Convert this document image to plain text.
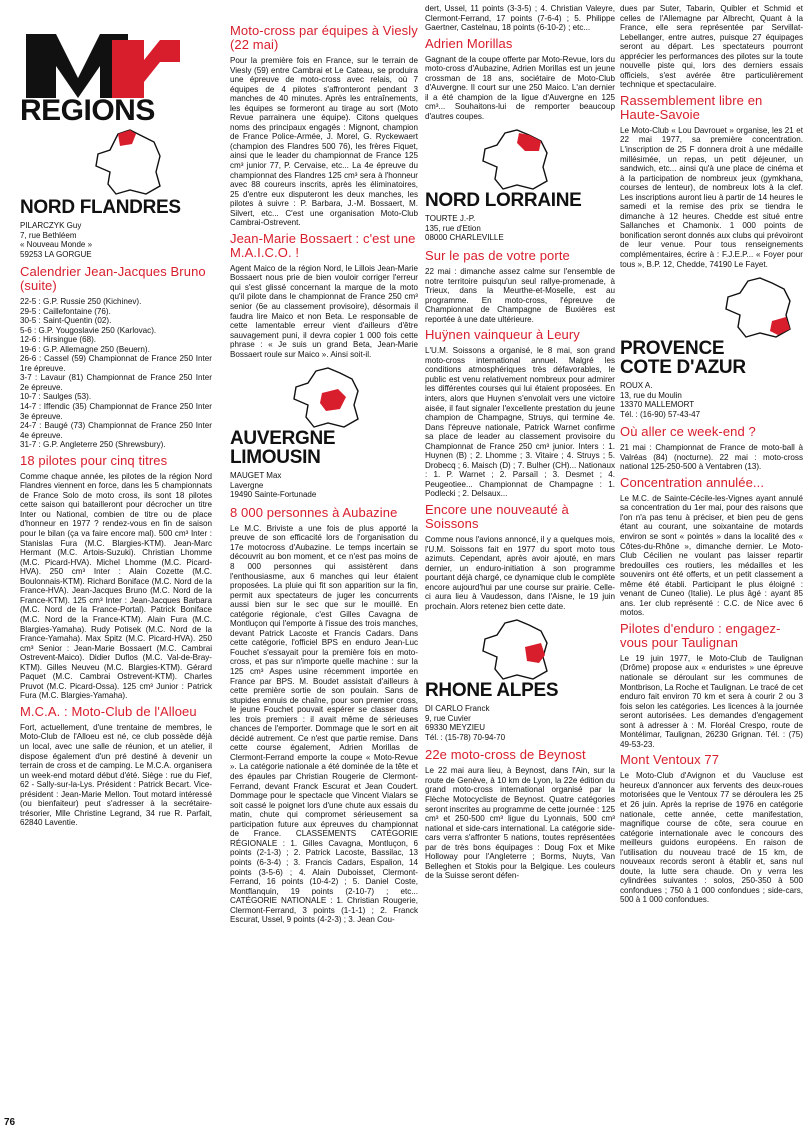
REGIONS
NORD FLANDRES
PILARCZYK Guy
7, rue Bethléem
« Nouveau Monde »
59253 LA GORGUE
Calendrier Jean-Jacques Bruno (suite)

22-5 : G.P. Russie 250 (Kichinev).

29-5 : Caillefontaine (76).

30-5 : Saint-Quentin (02).

5-6 : G.P. Yougoslavie 250 (Karlovac).

12-6 : Hirsingue (68).

19-6 : G.P. Allemagne 250 (Beuern).

26-6 : Cassel (59) Championnat de France 250 Inter 1re épreuve.

3-7 : Lavaur (81) Championnat de France 250 Inter 2e épreuve.

10-7 : Saulges (53).

14-7 : Iffendic (35) Championnat de France 250 Inter 3e épreuve.

24-7 : Baugé (73) Championnat de France 250 Inter 4e épreuve.

31-7 : G.P. Angleterre 250 (Shrewsbury).

18 pilotes pour cinq titres

Comme chaque année, les pilotes de la région Nord Flandres viennent en force, dans les 5 championnats de France Solo de moto cross, ils sont 18 pilotes cette saison qui batailleront pour décrocher un titre Inter ou National, combien de titre ou de place d'honneur en 1977 ? rendez-vous en fin de saison pour le bilan (ça va faire encore mal). 500 cm³ Inter : Stanislas Fura (M.C. Blargies-KTM). Jean-Marc Hermant (M.C. Artois-Suzuki). Christian Lhomme (M.C. Picard-HVA). Michel Lhomme (M.C. Picard-HVA). 250 cm³ Inter : Alain Cozette (M.C. Boulonnais-KTM). Richard Boniface (M.C. Nord de la France-HVA). Jean-Jacques Bruno (M.C. Nord de la France-KTM). 125 cm³ Inter : Jean-Jacques Barbara (M.C. Nord de la France-Portal). Patrick Boniface (M.C. Nord de la France-KTM). Alain Fura (M.C. Blargies-Yamaha). Rudy Potisek (M.C. Nord de la France-Yamaha). Max Spitz (M.C. Picard-HVA). 250 cm³ Senior : Jean-Marie Bossaert (M.C. Cambrai Ostrevent-Maico). Didier Duflos (M.C. Val-de-Bray-KTM). Gilles Neuveu (M.C. Blargies-KTM). Gérard Paquet (M.C. Cambrai Ostrevent-KTM). Charles Pruvot (M.C. Picard-Ossa). 125 cm³ Junior : Patrick Fura (M.C. Blargies-Yamaha).

M.C.A. : Moto-Club de l'Alloeu

Fort, actuellement, d'une trentaine de membres, le Moto-Club de l'Alloeu est né, ce club possède déjà un local, avec une salle de réunion, et un atelier, il dispose également d'un pré destiné à devenir un terrain de cross et de camping. Le M.C.A. organisera un week-end motard début d'été. Siège : rue du Fief, 62 - Sally-sur-la-Lys. Président : Patrick Becart. Vice-président : Jean-Marie Mellon. Tout motard intéressé (ou bienfaiteur) peut s'adresser à la secrétaire-trésorier, Mlle Christine Legrand, 34 rue R. Parfait, 62840 Laventie.

Moto-cross par équipes à Viesly (22 mai)

Pour la première fois en France, sur le terrain de Viesly (59) entre Cambrai et Le Cateau, se produira une épreuve de moto-cross avec relais, où 7 équipes de 4 pilotes s'affronteront pendant 3 manches de 40 minutes. Après les entraînements, les équipes se formeront au tirage au sort (Moto Revue parrainera une équipe). Citons quelques noms des principaux engagés : Mignont, champion de France Police-Armée, J. Morel, G. Ryckewaert (champion des Flandres 500 76), les frères Fiquet, ainsi que le leader du championnat de France 125 cm³ junior 77, P. Cervaise, etc... La 4e épreuve du championnat des Flandres 125 cm³ sera à l'honneur avec 88 coureurs inscrits, après les éliminatoires, 25 d'entre eux disputeront les deux manches, les pilotes à suivre : P. Barbara, J.-M. Bossaert, M. Silvert, etc... C'est une organisation Moto-Club Cambrai-Ostrevent.

Jean-Marie Bossaert : c'est une M.A.I.C.O. !

Agent Maico de la région Nord, le Lillois Jean-Marie Bossaert nous prie de bien vouloir corriger l'erreur qui s'est glissé concernant la marque de la moto qu'il pilote dans le championnat de France 250 cm³ senior (6e au classement provisoire), désormais il faudra lire Maico et non Beta. Le responsable de cette lamentable erreur vient d'ailleurs d'être sauvagement puni, il devra copier 1 000 fois cette phrase : « Je suis un grand Beta, Jean-Marie Bossaert roule sur Maico ». Ainsi soit-il.

AUVERGNE
LIMOUSIN
MAUGET Max
Lavergne
19490 Sainte-Fortunade
8 000 personnes à Aubazine

Le M.C. Brivistе a une fois de plus apporté la preuve de son efficacité lors de l'organisation du 17e motocross d'Aubazine. Le temps incertain se découvrit au bon moment, et ce n'est pas moins de 8 000 personnes qui assistèrent dans l'enthousiasme, aux 6 manches qui leur étaient proposées. La pluie qui fit son apparition sur la fin, permit aux spectateurs de juger les concurrents aussi bien sur le sec que sur le mouillé. En catégorie régionale, c'est Gilles Cavagna de Montluçon qui l'emporte à l'issue des trois manches, devant Patrick Lacoste et Francis Cadars. Dans cette catégorie, l'officiel BPS en enduro Jean-Luc Fouchet s'essayait pour la première fois en moto-cross, et pas sur n'importe quelle machine : sur la 125 cm³ Aspes usine récemment importée en France par BPS. M. Boudet assistait d'ailleurs à cette première sortie de son poulain. Sans de stupides ennuis de chaîne, pour son premier cross, le jeune Fouchet pouvait espérer se classer dans les trois premiers : il avait même de sérieuses chances de l'emporter. Dommage que le sort en ait décidé autrement. Ce n'est que partie remise. Dans cette course également, Adrien Morillas de Clermont-Ferrand emporte la coupe « Moto-Revue ». La catégorie nationale a été dominée de la tête et des épaules par Christian Rougerie de Clermont-Ferrand, devant Franck Escurat et Jean Coudert. Dommage pour le spectacle que Vincent Vialars se soit cassé le poignet lors d'une chute aux essais du matin, chute qui compromet sérieusement sa participation future aux épreuves du championnat de France. CLASSEMENTS CATÉGORIE RÉGIONALE : 1. Gilles Cavagna, Montluçon, 6 points (2-1-3) ; 2. Patrick Lacoste, Bassilac, 13 points (6-3-4) ; 3. Francis Cadars, Espalion, 14 points (3-5-6) ; 4. Alain Duboisset, Clermont-Ferrand, 16 points (10-4-2) ; 5. Daniel Coste, Montflanquin, 19 points (2-10-7) ; etc... CATÉGORIE NATIONALE : 1. Christian Rougerie, Clermont-Ferrand, 3 points (1-1-1) ; 2. Franck Escurat, Ussel, 9 points (4-2-3) ; 3. Jean Cou-

dert, Ussel, 11 points (3-3-5) ; 4. Christian Valeyre, Clermont-Ferrand, 17 points (7-6-4) ; 5. Philippe Gaertner, Castelnau, 18 points (6-10-2) ; etc...

Adrien Morillas

Gagnant de la coupe offerte par Moto-Revue, lors du moto-cross d'Aubazine, Adrien Morillas est un jeune crossman de 18 ans, sociétaire de Moto-Club d'Auvergne. Il court sur une 250 Maico. L'an dernier il a été champion de la ligue d'Auvergne en 125 cm³... Souhaitons-lui de remporter beaucoup d'autres coupes.

NORD LORRAINE
TOURTE J.-P.
135, rue d'Etion
08000 CHARLEVILLE
Sur le pas de votre porte

22 mai : dimanche assez calme sur l'ensemble de notre territoire puisqu'un seul rallye-promenade, à Trieux, dans la Meurthe-et-Moselle, est au programme. En moto-cross, l'épreuve de Championnat de Champagne de Buxières est reportée à une date ultérieure.

Huÿnen vainqueur à Leury

L'U.M. Soissons a organisé, le 8 mai, son grand moto-cross international annuel. Malgré les conditions atmosphériques très défavorables, le public est venu relativement nombreux pour admirer les différentes courses qui lui étaient proposées. En inters, alors que Huynen s'envolait vers une victoire aisée, il faut signaler l'excellente prestation du jeune champion de Champagne, Struys, qui termine 4e. Dans l'épreuve nationale, Patrick Warnet confirme sa place de leader au classement provisoire du Championnat de France 250 cm³ junior. Inters : 1. Huynen (B) ; 2. Lhomme ; 3. Vitaire ; 4. Struys ; 5. Drobecq ; 6. Maisch (D) ; 7. Bulher (CH)... Nationaux : 1. P. Warnet ; 2. Parsaïl ; 3. Desmet ; 4. Peugeotiee... Championnat de Champagne : 1. Podlecki ; 2. Delsaux...

Encore une nouveauté à Soissons

Comme nous l'avions annoncé, il y a quelques mois, l'U.M. Soissons fait en 1977 du sport moto tous azimuts. Cependant, après avoir ajouté, en mars dernier, un enduro-initiation à son programme pourtant déjà chargé, ce dynamique club le complète encore aujourd'hui par une course sur prairie. Celle-ci aura lieu à Vaudesson, dans l'Aisne, le 19 juin prochain. Alors retenez bien cette date.

RHONE ALPES
DI CARLO Franck
9, rue Cuvier
69330 MEYZIEU
Tél. : (15-78) 70-94-70
22e moto-cross de Beynost

Le 22 mai aura lieu, à Beynost, dans l'Ain, sur la route de Genève, à 10 km de Lyon, la 22e édition du grand moto-cross international organisé par la Flèche Motocycliste de Beynost. Quatre catégories seront inscrites au programme de cette journée : 125 cm³ et 250-500 cm³ ligue du Lyonnais, 500 cm³ national et side-cars international. La catégorie side-cars verra s'affronter 5 nations, toutes représentées par de très bons équipages : Doug Fox et Mike Holloway pour l'Angleterre ; Borms, Nuyts, Van Belleghen et Stokis pour la Belgique. Les couleurs de la Suisse seront défen-

dues par Suter, Tabarin, Quibler et Schmid et celles de l'Allemagne par Albrecht, Quant à la France, elle sera représentée par Servillat-Lebellanger, entre autres, puisque 27 équipages seront au départ. Les spectateurs pourront apprécier les performances des pilotes sur la toute nouvelle piste qui, lors des derniers essais officiels, s'est avérée être particulièrement technique et spectaculaire.

Rassemblement libre en Haute-Savoie

Le Moto-Club « Lou Davrouet » organise, les 21 et 22 mai 1977, sa première concentration. L'inscription de 25 F donnera droit à une médaille millésimée, un repas, un petit déjeuner, un sandwich, etc... ainsi qu'à une place de cinéma et à la participation de nombreux jeux (gymkhana, courses de lenteur), de nombreux lots à la clef. Les inscriptions auront lieu à partir de 14 heures le samedi et la remise des prix se tiendra le dimanche à 12 heures. Chedde est situé entre Sallanches et Chamonix. 1 000 points de bonification seront donnés aux clubs qui prévoiront de leur venue. Pour tous renseignements complémentaires, écrire à : F.J.E.P... « Foyer pour tous », B.P. 12, Chedde, 74190 Le Fayet.

PROVENCE
COTE D'AZUR
ROUX A.
13, rue du Moulin
13370 MALLEMORT
Tél. : (16-90) 57-43-47
Où aller ce week-end ?

21 mai : Championnat de France de moto-ball à Valréas (84) (nocturne). 22 mai : moto-cross national 125-250-500 à Ventabren (13).

Concentration annulée...

Le M.C. de Sainte-Cécile-les-Vignes ayant annulé sa concentration du 1er mai, pour des raisons que l'on n'a pas tenu à préciser, et bien peu de gens étant au courant, une soixantaine de motards environ se sont « pointés » dans la localité des « Côtes-du-Rhône », dimanche dernier. Le Moto-Club Cécilien ne voulant pas laisser repartir bredouilles ces routiers, les médailles et les souvenirs ont été offerts, et un petit classement a même été établi. Participant le plus éloigné : venant de Cuneo (Italie). Le plus âgé : ayant 85 ans. 1er club représenté : C.C. de Nice avec 6 motos.

Pilotes d'enduro : engagez-vous pour Taulignan

Le 19 juin 1977, le Moto-Club de Taulignan (Drôme) propose aux « enduristes » une épreuve nationale se déroulant sur les communes de Montbrison, La Roche et Taulignan. Le tracé de cet enduro fait environ 70 km et sera à courir 2 ou 3 fois selon les catégories. Les licences à la journée seront autorisées. Les demandes d'engagement sont à adresser à : M. Floréal Crespo, route de Montélimar, Taulignan, 26230 Grignan. Tél. : (75) 49-53-23.

Mont Ventoux 77

Le Moto-Club d'Avignon et du Vaucluse est heureux d'annoncer aux fervents des deux-roues motorisées que le Ventoux 77 se déroulera les 25 et 26 juin. Après la reprise de 1976 en catégorie nationale, cette année, cette manifestation, magnifique course de côte, sera courue en catégorie internationale avec le concours des meilleurs guidons européens. En raison de l'utilisation du nouveau tracé de 15 km, de nouveaux records seront à établir et, sans nul doute, la lutte sera chaude. On y verra les cylindrées suivantes : solos, 250-350 à 500 confondues ; 750 à 1 000 confondues ; side-cars, 500 à 1 000 confondues.

76
